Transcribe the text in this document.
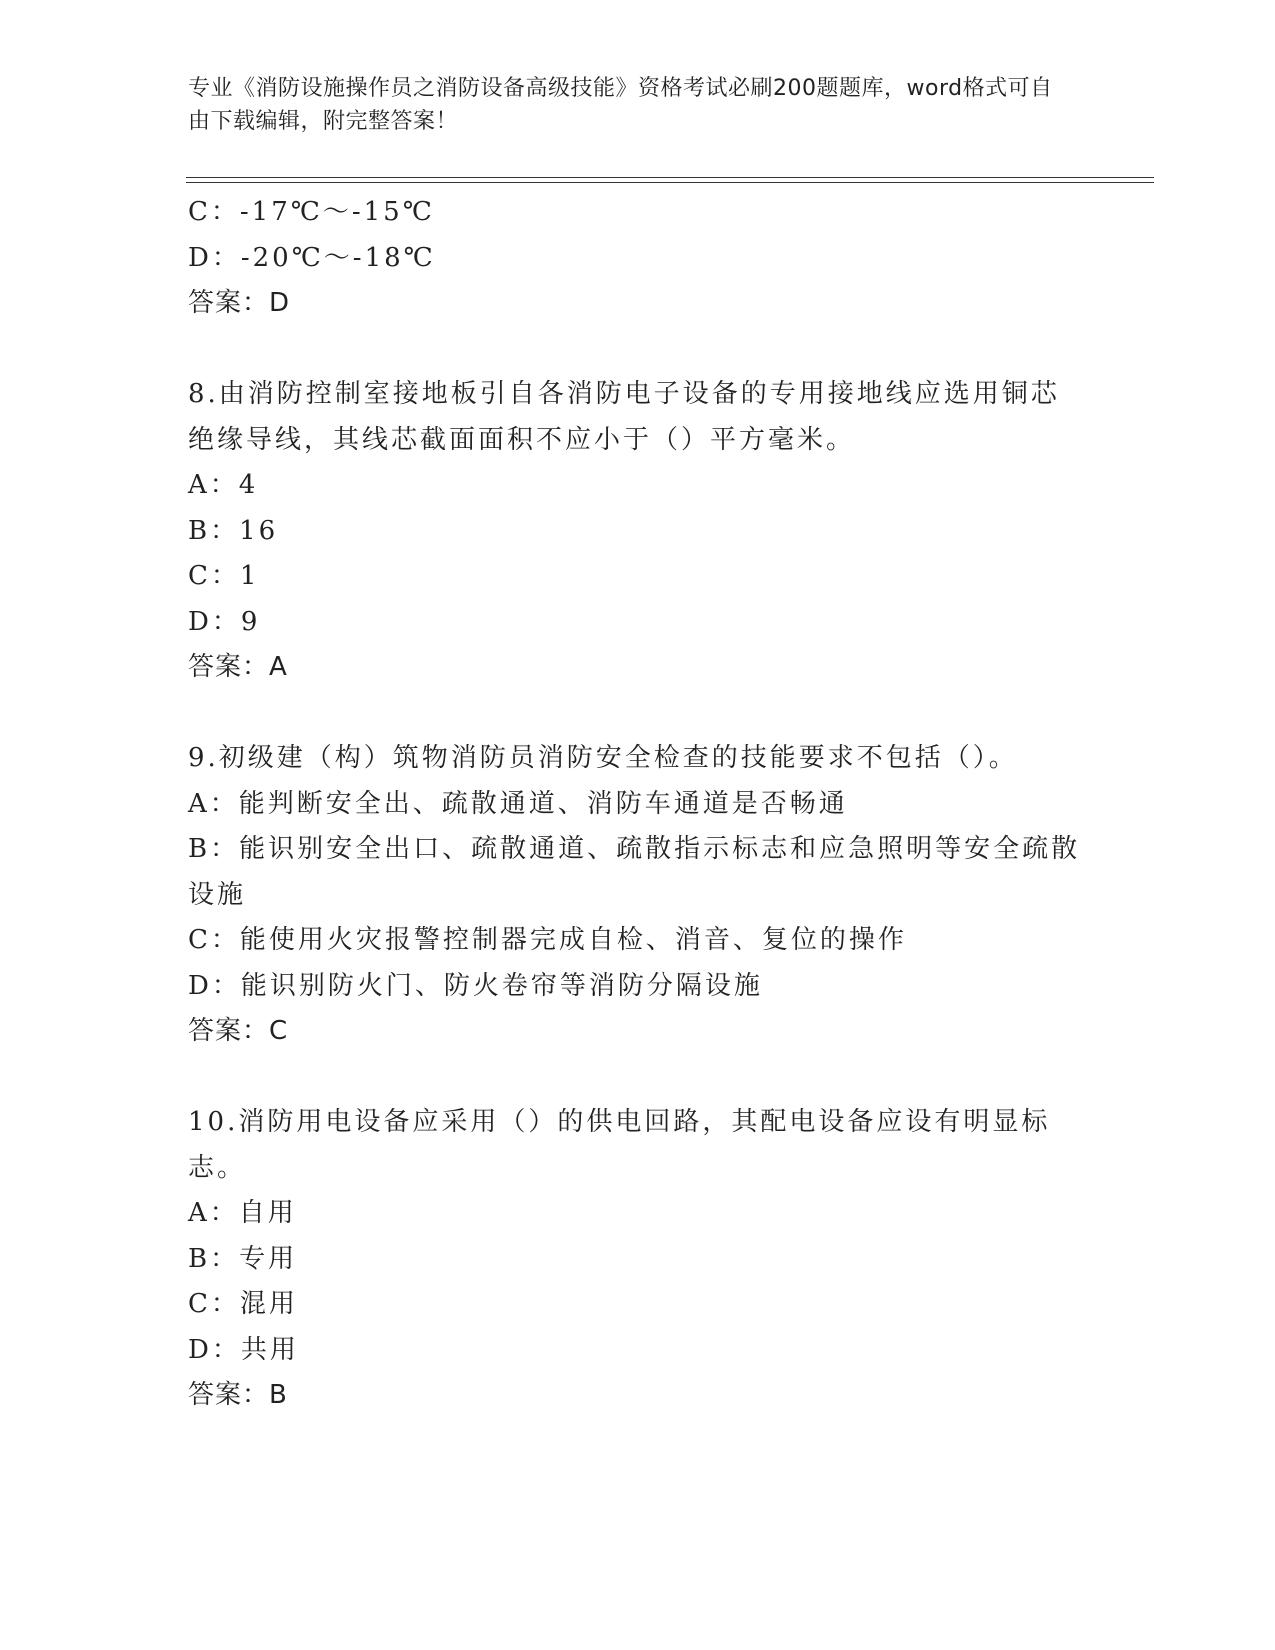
专业《消防设施操作员之消防设备高级技能》资格考试必刷200题题库，word格式可自由下载编辑，附完整答案！
C：-17℃～-15℃
D：-20℃～-18℃
答案：D
8.由消防控制室接地板引自各消防电子设备的专用接地线应选用铜芯绝缘导线，其线芯截面面积不应小于（）平方毫米。
A：4
B：16
C：1
D：9
答案：A
9.初级建（构）筑物消防员消防安全检查的技能要求不包括（）。
A：能判断安全出、疏散通道、消防车通道是否畅通
B：能识别安全出口、疏散通道、疏散指示标志和应急照明等安全疏散设施
C：能使用火灾报警控制器完成自检、消音、复位的操作
D：能识别防火门、防火卷帘等消防分隔设施
答案：C
10.消防用电设备应采用（）的供电回路，其配电设备应设有明显标志。
A：自用
B：专用
C：混用
D：共用
答案：B
